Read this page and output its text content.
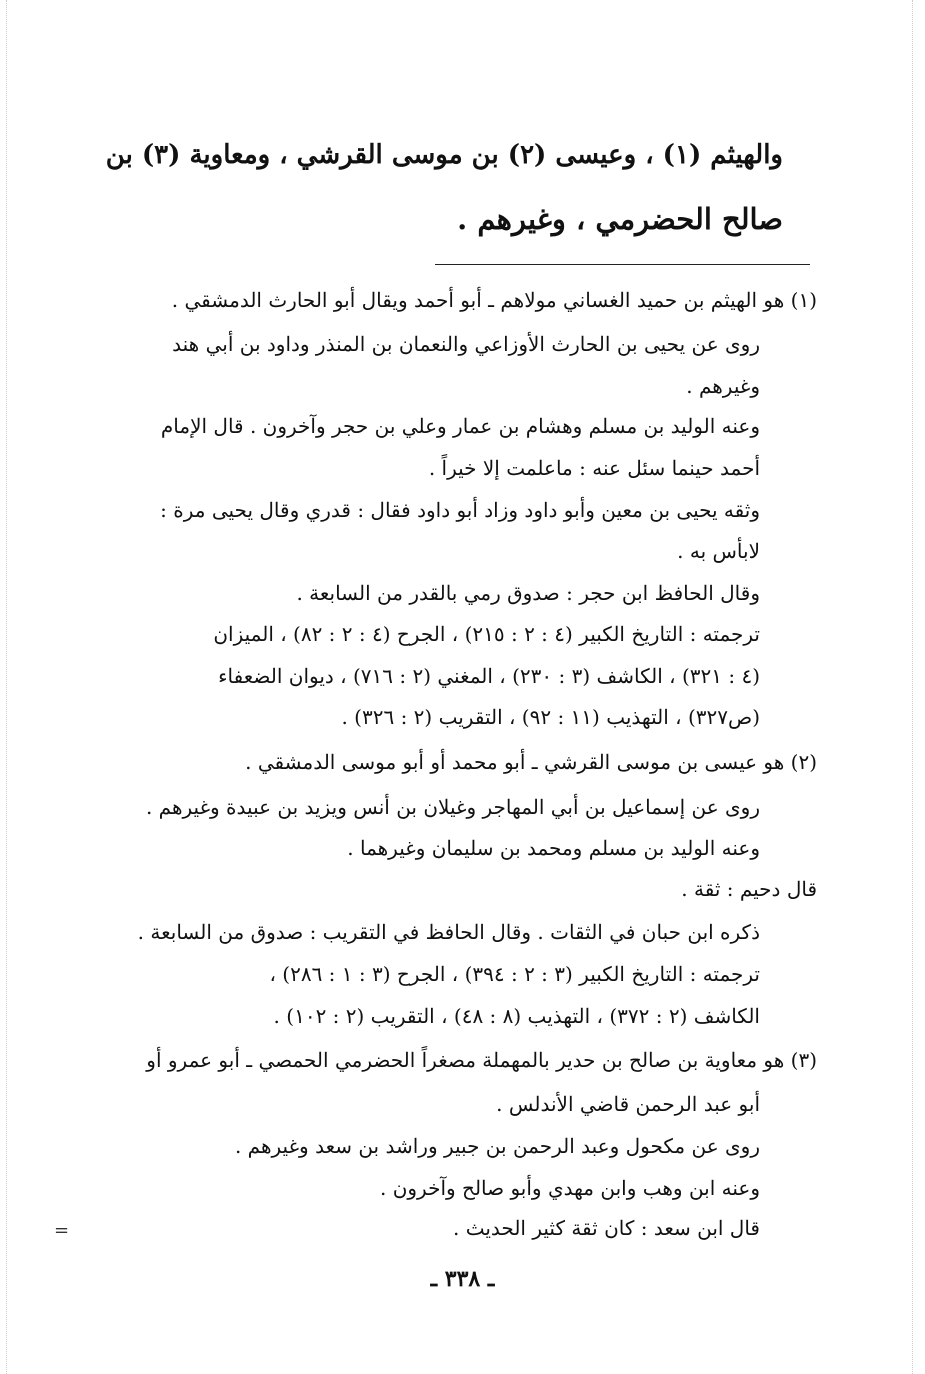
والهيثم (١) ، وعيسى (٢) بن موسى القرشي ، ومعاوية (٣) بن

صالح الحضرمي ، وغيرهم .

(١) هو الهيثم بن حميد الغساني مولاهم ـ أبو أحمد ويقال أبو الحارث الدمشقي .

روى عن يحيى بن الحارث الأوزاعي والنعمان بن المنذر وداود بن أبي هند

وغيرهم .

وعنه الوليد بن مسلم وهشام بن عمار وعلي بن حجر وآخرون . قال الإمام

أحمد حينما سئل عنه : ماعلمت إلا خيراً .

وثقه يحيى بن معين وأبو داود وزاد أبو داود فقال : قدري وقال يحيى مرة :

لابأس به .

وقال الحافظ ابن حجر : صدوق رمي بالقدر من السابعة .

ترجمته : التاريخ الكبير (٤ : ٢ : ٢١٥) ، الجرح (٤ : ٢ : ٨٢) ، الميزان

(٤ : ٣٢١) ، الكاشف (٣ : ٢٣٠) ، المغني (٢ : ٧١٦) ، ديوان الضعفاء

(ص٣٢٧) ، التهذيب (١١ : ٩٢) ، التقريب (٢ : ٣٢٦) .

(٢) هو عيسى بن موسى القرشي ـ أبو محمد أو أبو موسى الدمشقي .

روى عن إسماعيل بن أبي المهاجر وغيلان بن أنس ويزيد بن عبيدة وغيرهم .

وعنه الوليد بن مسلم ومحمد بن سليمان وغيرهما .

قال دحيم : ثقة .

ذكره ابن حبان في الثقات . وقال الحافظ في التقريب : صدوق من السابعة .

ترجمته : التاريخ الكبير (٣ : ٢ : ٣٩٤) ، الجرح (٣ : ١ : ٢٨٦) ،

الكاشف (٢ : ٣٧٢) ، التهذيب (٨ : ٤٨) ، التقريب (٢ : ١٠٢) .

(٣) هو معاوية بن صالح بن حدير بالمهملة مصغراً الحضرمي الحمصي ـ أبو عمرو أو

أبو عبد الرحمن قاضي الأندلس .

روى عن مكحول وعبد الرحمن بن جبير وراشد بن سعد وغيرهم .

وعنه ابن وهب وابن مهدي وأبو صالح وآخرون .

قال ابن سعد : كان ثقة كثير الحديث .

=
ـ ٣٣٨ ـ
